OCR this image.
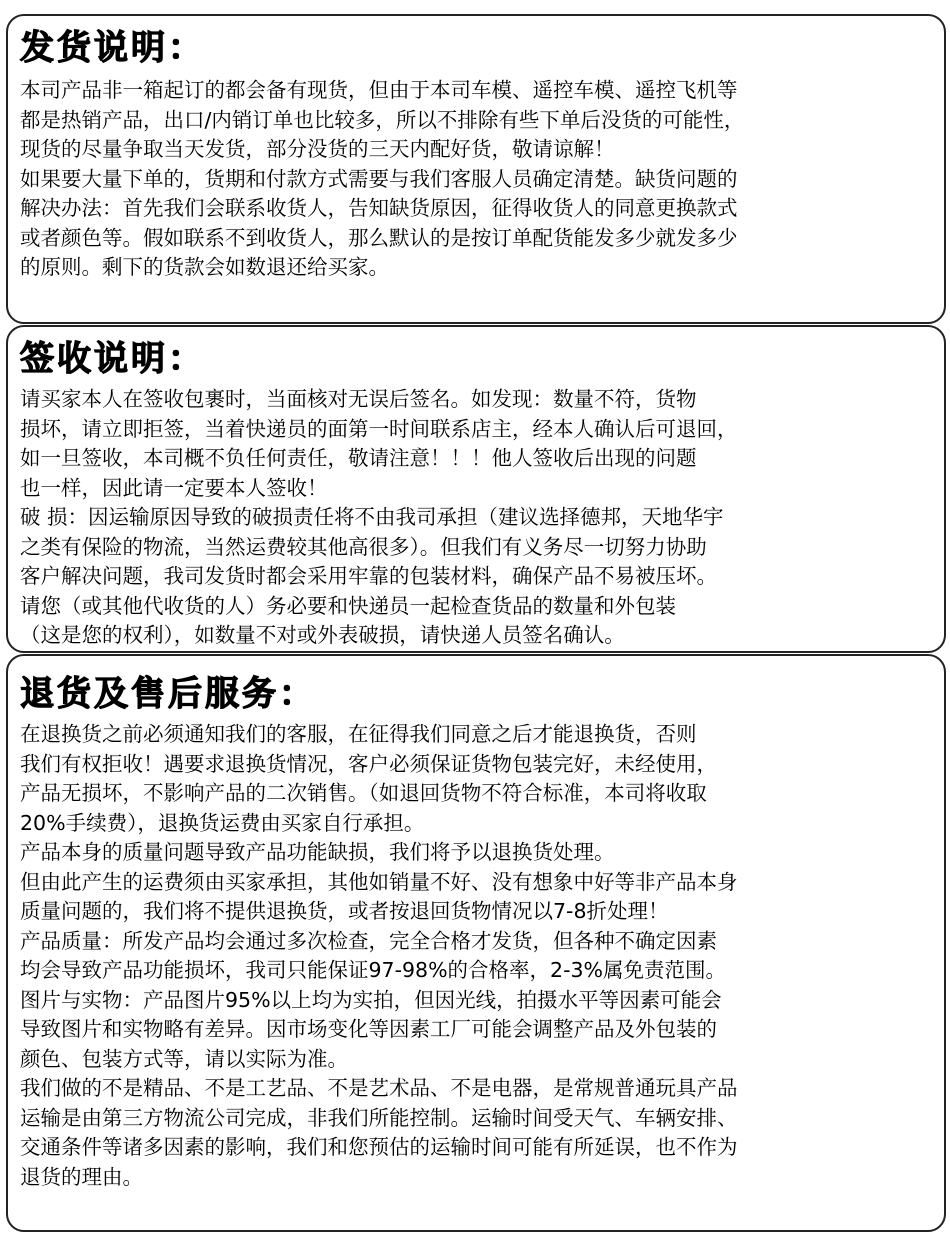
发货说明：
本司产品非一箱起订的都会备有现货，但由于本司车模、遥控车模、遥控飞机等
都是热销产品，出口/内销订单也比较多，所以不排除有些下单后没货的可能性，
现货的尽量争取当天发货，部分没货的三天内配好货，敬请谅解！
如果要大量下单的，货期和付款方式需要与我们客服人员确定清楚。缺货问题的
解决办法：首先我们会联系收货人，告知缺货原因，征得收货人的同意更换款式
或者颜色等。假如联系不到收货人，那么默认的是按订单配货能发多少就发多少
的原则。剩下的货款会如数退还给买家。
签收说明：
请买家本人在签收包裹时，当面核对无误后签名。如发现：数量不符，货物
损坏，请立即拒签，当着快递员的面第一时间联系店主，经本人确认后可退回，
如一旦签收，本司概不负任何责任，敬请注意！！！他人签收后出现的问题
也一样，因此请一定要本人签收！
破 损：因运输原因导致的破损责任将不由我司承担（建议选择德邦，天地华宇
之类有保险的物流，当然运费较其他高很多）。但我们有义务尽一切努力协助
客户解决问题，我司发货时都会采用牢靠的包装材料，确保产品不易被压坏。
请您（或其他代收货的人）务必要和快递员一起检查货品的数量和外包装
（这是您的权利），如数量不对或外表破损，请快递人员签名确认。
退货及售后服务：
在退换货之前必须通知我们的客服，在征得我们同意之后才能退换货，否则
我们有权拒收！遇要求退换货情况，客户必须保证货物包装完好，未经使用，
产品无损坏，不影响产品的二次销售。（如退回货物不符合标准，本司将收取
20%手续费），退换货运费由买家自行承担。
产品本身的质量问题导致产品功能缺损，我们将予以退换货处理。
但由此产生的运费须由买家承担，其他如销量不好、没有想象中好等非产品本身
质量问题的，我们将不提供退换货，或者按退回货物情况以7-8折处理！
产品质量：所发产品均会通过多次检查，完全合格才发货，但各种不确定因素
均会导致产品功能损坏，我司只能保证97-98%的合格率，2-3%属免责范围。
图片与实物：产品图片95%以上均为实拍，但因光线，拍摄水平等因素可能会
导致图片和实物略有差异。因市场变化等因素工厂可能会调整产品及外包装的
颜色、包装方式等，请以实际为准。
我们做的不是精品、不是工艺品、不是艺术品、不是电器，是常规普通玩具产品
运输是由第三方物流公司完成，非我们所能控制。运输时间受天气、车辆安排、
交通条件等诸多因素的影响，我们和您预估的运输时间可能有所延误，也不作为
退货的理由。
